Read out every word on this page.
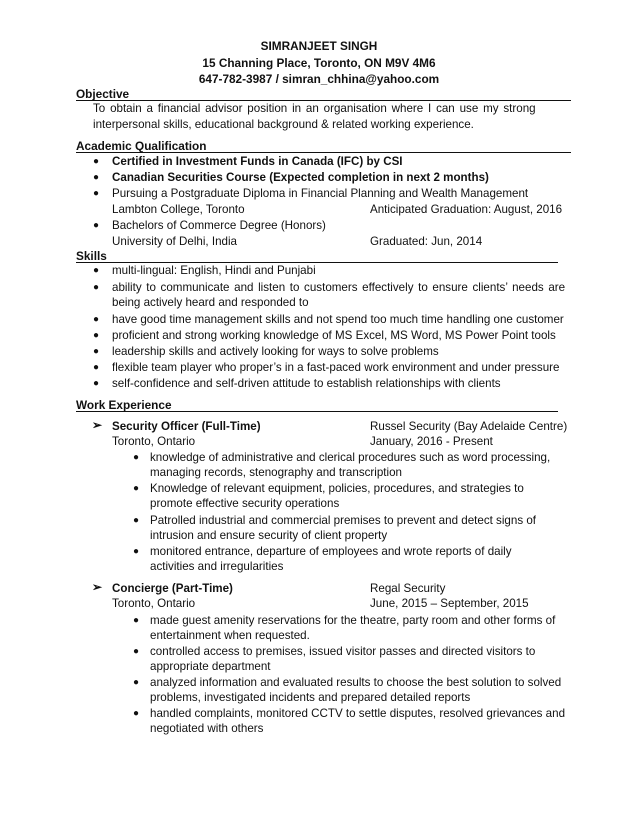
SIMRANJEET SINGH
15 Channing Place, Toronto, ON M9V 4M6
647-782-3987 / simran_chhina@yahoo.com
Objective
To obtain a financial advisor position in an organisation where I can use my strong
interpersonal skills, educational background & related working experience.
Academic Qualification
● Certified in Investment Funds in Canada (IFC) by CSI
● Canadian Securities Course (Expected completion in next 2 months)
● Pursuing a Postgraduate Diploma in Financial Planning and Wealth Management
Lambton College, Toronto	Anticipated Graduation: August, 2016
● Bachelors of Commerce Degree (Honors)
University of Delhi, India	Graduated: Jun, 2014
Skills
● multi-lingual: English, Hindi and Punjabi
● ability to communicate and listen to customers effectively to ensure clients’ needs are
being actively heard and responded to
● have good time management skills and not spend too much time handling one customer
● proficient and strong working knowledge of MS Excel, MS Word, MS Power Point tools
● leadership skills and actively looking for ways to solve problems
● flexible team player who proper’s in a fast-paced work environment and under pressure
● self-confidence and self-driven attitude to establish relationships with clients
Work Experience
➢ Security Officer (Full-Time)	Russel Security (Bay Adelaide Centre)
Toronto, Ontario	January, 2016 - Present
● knowledge of administrative and clerical procedures such as word processing,
managing records, stenography and transcription
● Knowledge of relevant equipment, policies, procedures, and strategies to
promote effective security operations
● Patrolled industrial and commercial premises to prevent and detect signs of
intrusion and ensure security of client property
● monitored entrance, departure of employees and wrote reports of daily
activities and irregularities
➢ Concierge (Part-Time)	Regal Security
Toronto, Ontario	June, 2015 – September, 2015
● made guest amenity reservations for the theatre, party room and other forms of
entertainment when requested.
● controlled access to premises, issued visitor passes and directed visitors to
appropriate department
● analyzed information and evaluated results to choose the best solution to solved
problems, investigated incidents and prepared detailed reports
● handled complaints, monitored CCTV to settle disputes, resolved grievances and
negotiated with others
